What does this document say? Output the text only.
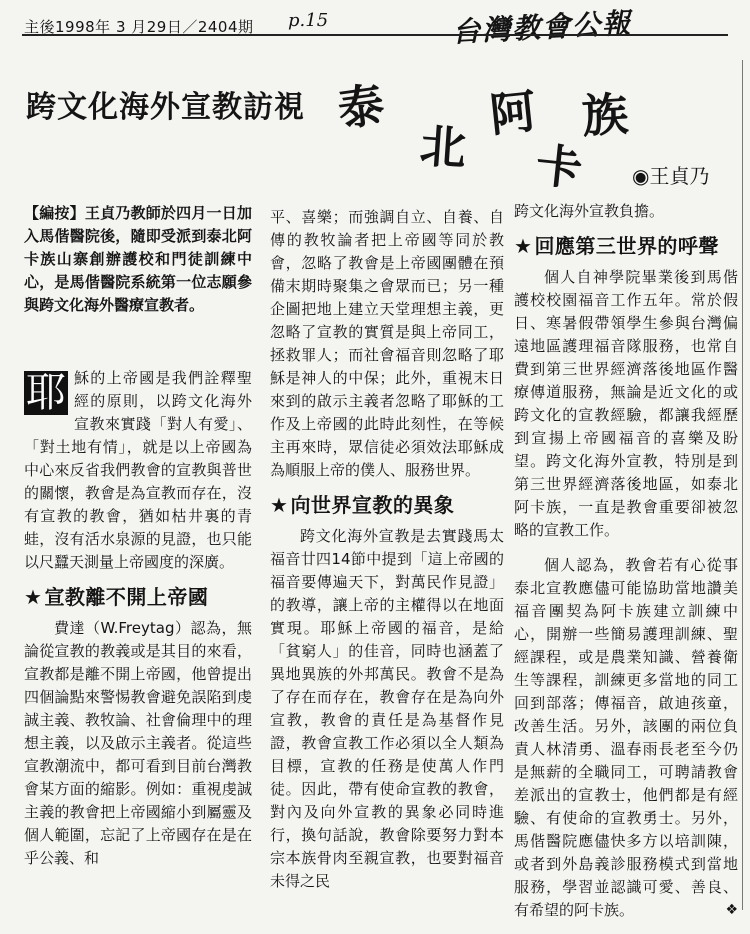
主後1998年 3 月29日／2404期 p.15	台灣教會公報
跨文化海外宣教訪視 泰
北
阿
卡
族
◉王貞乃

【編按】王貞乃教師於四月一日加入馬偕醫院後，隨即受派到泰北阿卡族山寨創辦護校和門徒訓練中心，是馬偕醫院系統第一位志願參與跨文化海外醫療宣教者。

耶 穌的上帝國是我們詮釋聖經的原則，以跨文化海外宣教來實踐「對人有愛」、「對土地有情」，就是以上帝國為中心來反省我們教會的宣教與普世的關懷，教會是為宣教而存在，沒有宣教的教會，猶如枯井裏的青蛙，沒有活水泉源的見證，也只能以尺蠶天測量上帝國度的深廣。

★ 宣教離不開上帝國

費達（W.Freytag）認為，無論從宣教的教義或是其目的來看，宣教都是離不開上帝國，他曾提出四個論點來警惕教會避免誤陷到虔誠主義、教牧論、社會倫理中的理想主義，以及啟示主義者。從這些宣教潮流中，都可看到目前台灣教會某方面的縮影。例如：重視虔誠主義的教會把上帝國縮小到屬靈及個人範圍，忘記了上帝國存在是在乎公義、和

平、喜樂；而強調自立、自養、自傳的教牧論者把上帝國等同於教會，忽略了教會是上帝國團體在預備末期時聚集之會眾而已；另一種企圖把地上建立天堂理想主義，更忽略了宣教的實質是與上帝同工，拯救罪人；而社會福音則忽略了耶穌是神人的中保；此外，重視末日來到的啟示主義者忽略了耶穌的工作及上帝國的此時此刻性，在等候主再來時，眾信徒必須效法耶穌成為順服上帝的僕人、服務世界。

★ 向世界宣教的異象

跨文化海外宣教是去實踐馬太福音廿四14節中提到「這上帝國的福音要傳遍天下，對萬民作見證」的教導，讓上帝的主權得以在地面實現。耶穌上帝國的福音，是給「貧窮人」的佳音，同時也涵蓋了異地異族的外邦萬民。教會不是為了存在而存在，教會存在是為向外宣教，教會的責任是為基督作見證，教會宣教工作必須以全人類為目標，宣教的任務是使萬人作門徒。因此，帶有使命宣教的教會，對內及向外宣教的異象必同時進行，換句話說，教會除要努力對本宗本族骨肉至親宣教，也要對福音未得之民

跨文化海外宣教負擔。

★ 回應第三世界的呼聲

個人自神學院畢業後到馬偕護校校園福音工作五年。常於假日、寒暑假帶領學生參與台灣偏遠地區護理福音隊服務，也常自費到第三世界經濟落後地區作醫療傳道服務，無論是近文化的或跨文化的宣教經驗，都讓我經歷到宣揚上帝國福音的喜樂及盼望。跨文化海外宣教，特別是到第三世界經濟落後地區，如泰北阿卡族，一直是教會重要卻被忽略的宣教工作。

個人認為，教會若有心從事泰北宣教應儘可能協助當地讚美福音團契為阿卡族建立訓練中心，開辦一些簡易護理訓練、聖經課程，或是農業知識、營養衛生等課程，訓練更多當地的同工回到部落；傳福音，啟迪孩童，改善生活。另外，該團的兩位負責人林清勇、溫春雨長老至今仍是無薪的全職同工，可聘請教會差派出的宣教士，他們都是有經驗、有使命的宣教勇士。另外，馬偕醫院應儘快多方以培訓陳，或者到外島義診服務模式到當地服務，學習並認識可愛、善良、有希望的阿卡族。	❖
